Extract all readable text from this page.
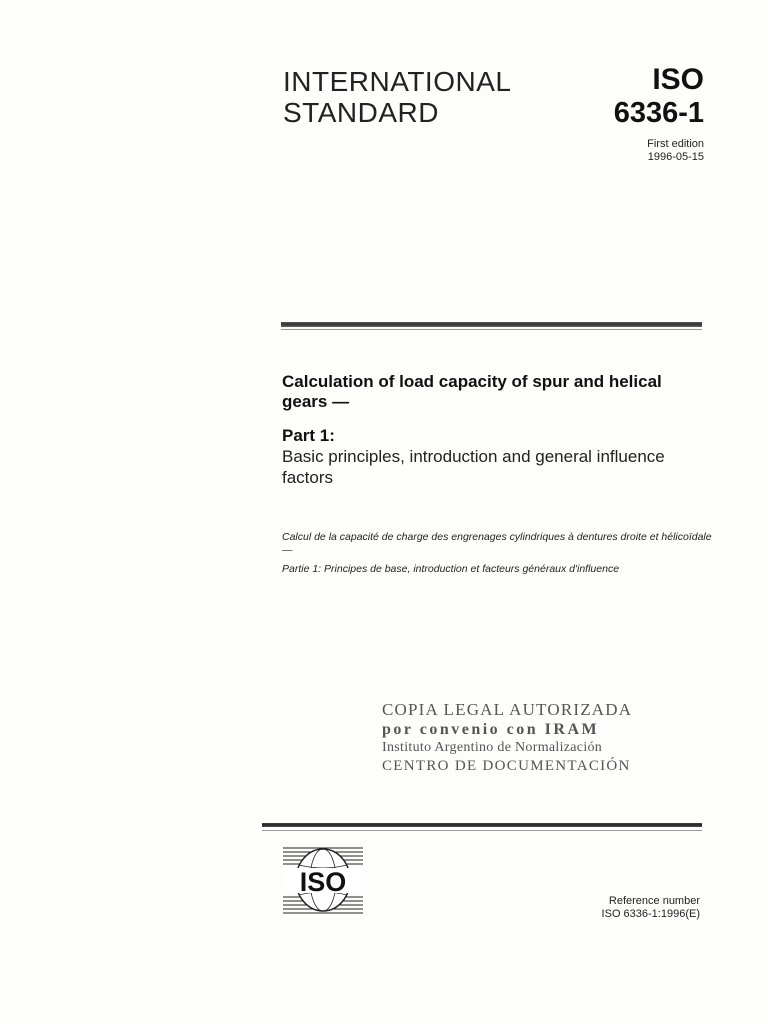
INTERNATIONAL
STANDARD
ISO
6336-1
First edition
1996-05-15
Calculation of load capacity of spur and helical gears —
Part 1:
Basic principles, introduction and general influence factors
Calcul de la capacité de charge des engrenages cylindriques à dentures droite et hélicoïdale —
Partie 1: Principes de base, introduction et facteurs généraux d'influence
COPIA LEGAL AUTORIZADA
por convenio con IRAM
Instituto Argentino de Normalización
CENTRO DE DOCUMENTACIÓN
ISO
Reference number
ISO 6336-1:1996(E)
